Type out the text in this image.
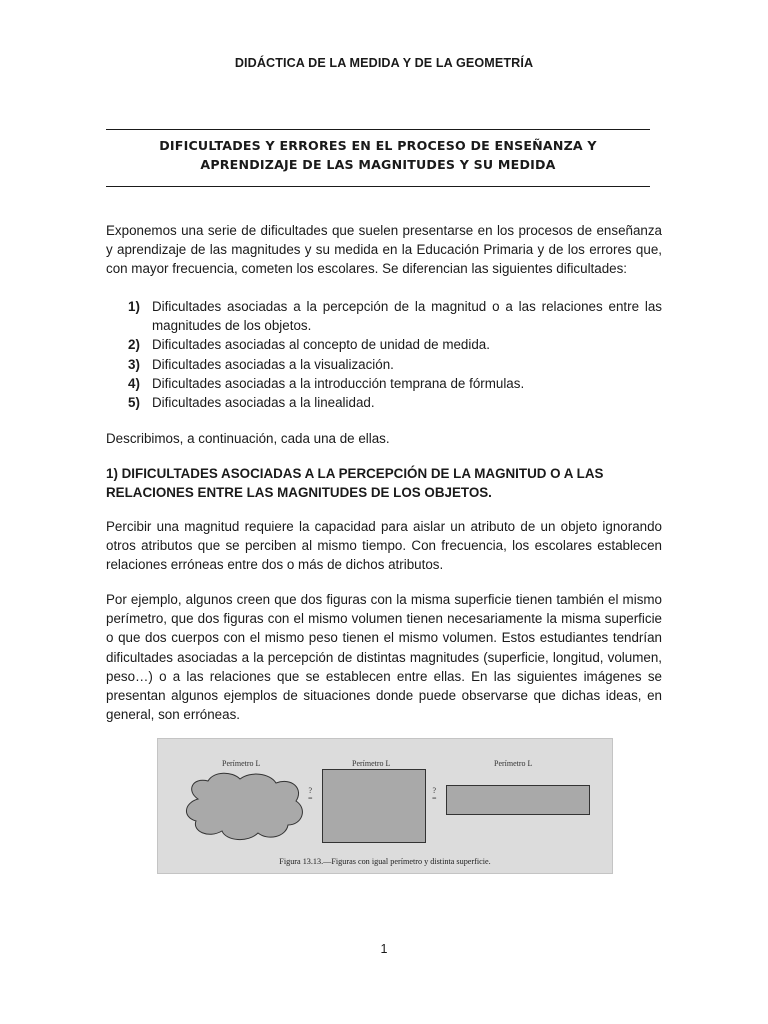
DIDÁCTICA DE LA MEDIDA Y DE LA GEOMETRÍA
DIFICULTADES Y ERRORES EN EL PROCESO DE ENSEÑANZA Y
APRENDIZAJE DE LAS MAGNITUDES Y SU MEDIDA
Exponemos una serie de dificultades que suelen presentarse en los procesos de enseñanza y aprendizaje de las magnitudes y su medida en la Educación Primaria y de los errores que, con mayor frecuencia, cometen los escolares. Se diferencian las siguientes dificultades:
1) Dificultades asociadas a la percepción de la magnitud o a las relaciones entre las magnitudes de los objetos.
2) Dificultades asociadas al concepto de unidad de medida.
3) Dificultades asociadas a la visualización.
4) Dificultades asociadas a la introducción temprana de fórmulas.
5) Dificultades asociadas a la linealidad.
Describimos, a continuación, cada una de ellas.
1) DIFICULTADES ASOCIADAS A LA PERCEPCIÓN DE LA MAGNITUD O A LAS RELACIONES ENTRE LAS MAGNITUDES DE LOS OBJETOS.
Percibir una magnitud requiere la capacidad para aislar un atributo de un objeto ignorando otros atributos que se perciben al mismo tiempo. Con frecuencia, los escolares establecen relaciones erróneas entre dos o más de dichos atributos.
Por ejemplo, algunos creen que dos figuras con la misma superficie tienen también el mismo perímetro, que dos figuras con el mismo volumen tienen necesariamente la misma superficie o que dos cuerpos con el mismo peso tienen el mismo volumen. Estos estudiantes tendrían dificultades asociadas a la percepción de distintas magnitudes (superficie, longitud, volumen, peso…) o a las relaciones que se establecen entre ellas. En las siguientes imágenes se presentan algunos ejemplos de situaciones donde puede observarse que dichas ideas, en general, son erróneas.
Perímetro L
?
=
Perímetro L
?
=
Perímetro L
Figura 13.13.—Figuras con igual perímetro y distinta superficie.
1
